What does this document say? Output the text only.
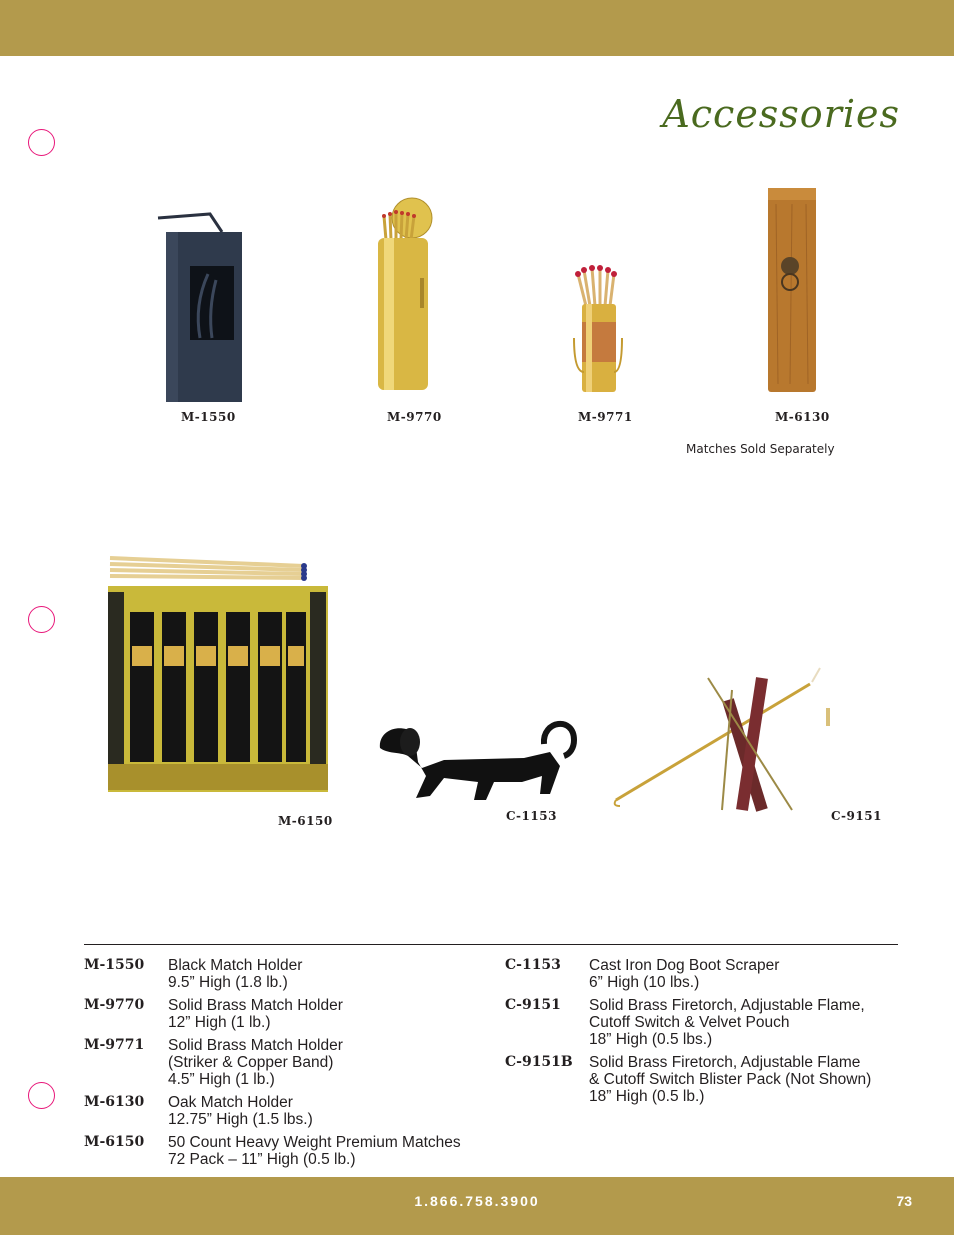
Accessories
M-1550	M-9770	M-9771	M-6130
Matches Sold Separately
M-6150	C-1153	C-9151
M-1550	Black Match Holder
9.5” High (1.8 lb.)
M-9770	Solid Brass Match Holder
12” High (1 lb.)
M-9771	Solid Brass Match Holder
(Striker & Copper Band)
4.5” High (1 lb.)
M-6130	Oak Match Holder
12.75” High (1.5 lbs.)
M-6150	50 Count Heavy Weight Premium Matches
72 Pack – 11” High (0.5 lb.)
C-1153	Cast Iron Dog Boot Scraper
6” High (10 lbs.)
C-9151	Solid Brass Firetorch, Adjustable Flame,
Cutoff Switch & Velvet Pouch
18” High (0.5 lbs.)
C-9151B	Solid Brass Firetorch, Adjustable Flame
& Cutoff Switch Blister Pack (Not Shown)
18” High (0.5 lb.)
1.866.758.3900	73
